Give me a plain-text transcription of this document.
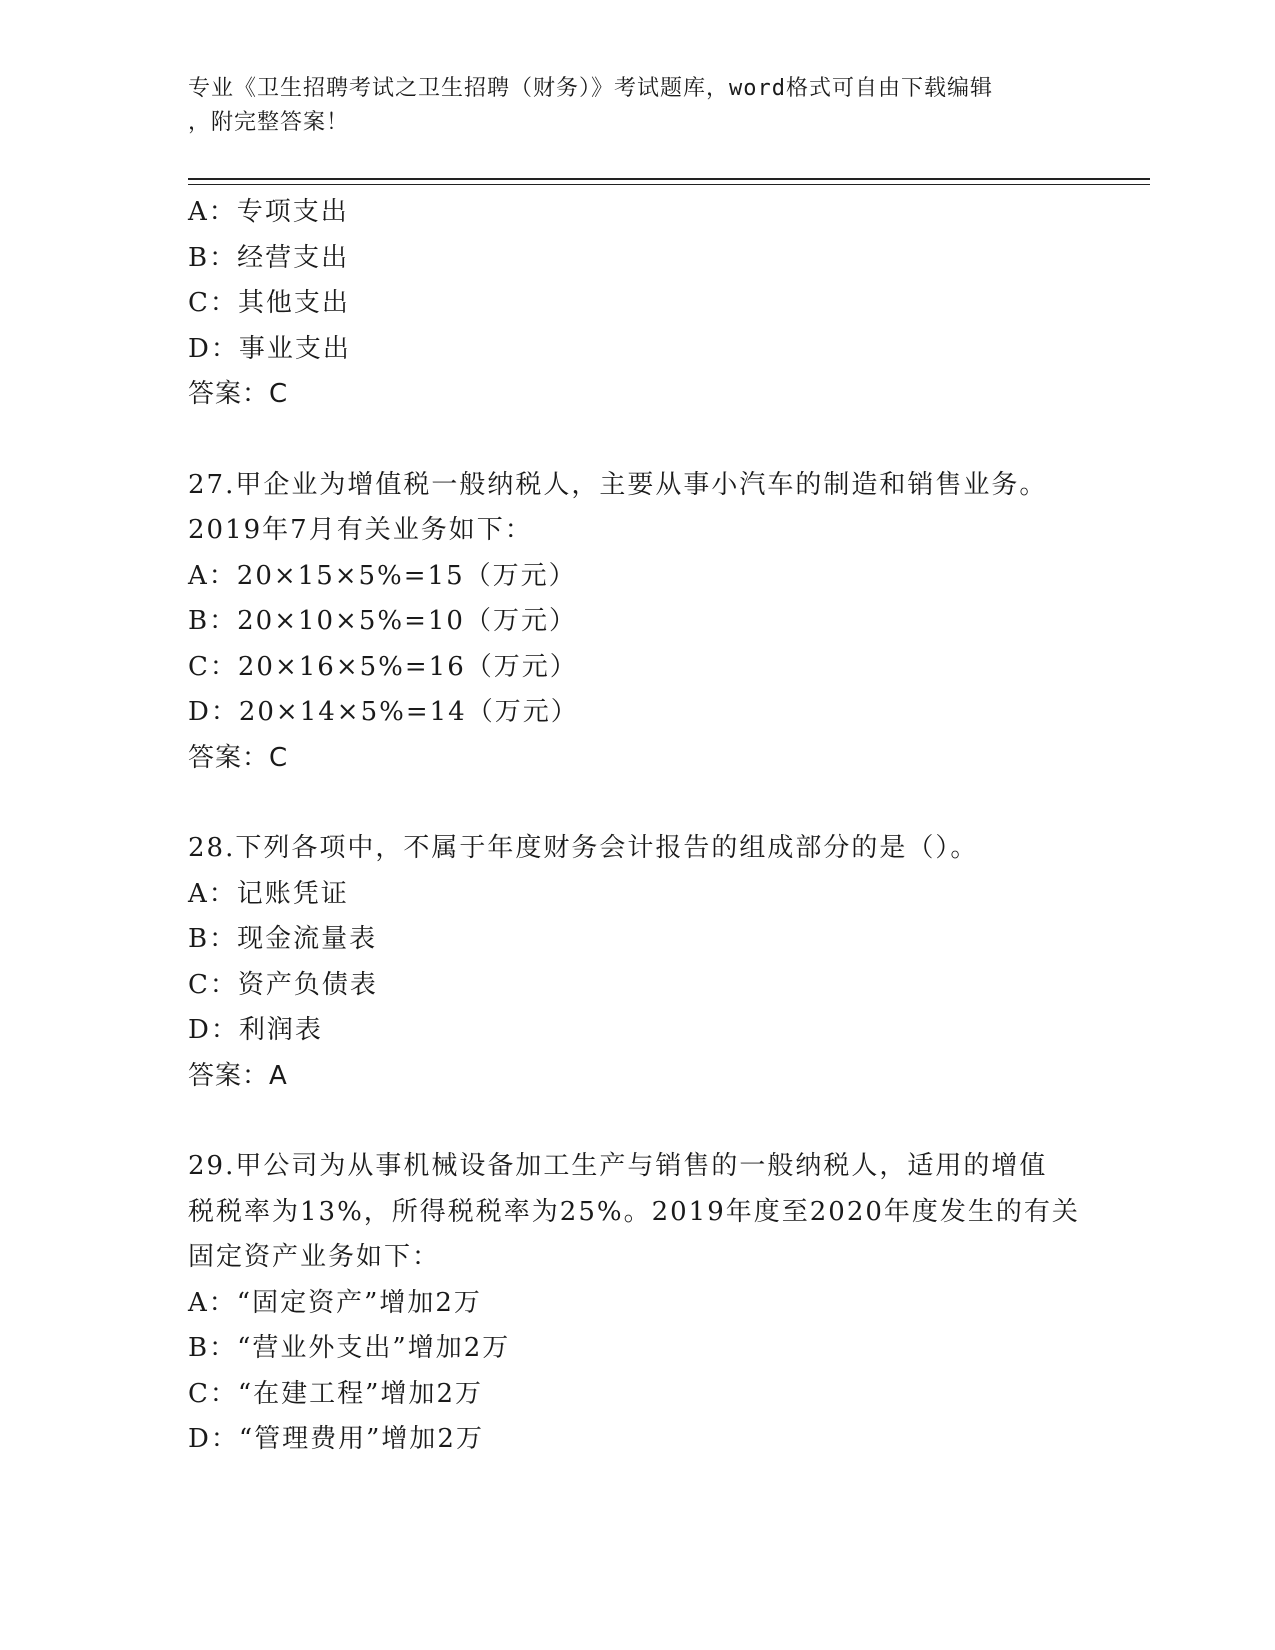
专业《卫生招聘考试之卫生招聘（财务）》考试题库，word格式可自由下载编辑
，附完整答案！
A：专项支出
B：经营支出
C：其他支出
D：事业支出
答案：C
27.甲企业为增值税一般纳税人，主要从事小汽车的制造和销售业务。
2019年7月有关业务如下：
A：20×15×5%=15（万元）
B：20×10×5%=10（万元）
C：20×16×5%=16（万元）
D：20×14×5%=14（万元）
答案：C
28.下列各项中，不属于年度财务会计报告的组成部分的是（）。
A：记账凭证
B：现金流量表
C：资产负债表
D：利润表
答案：A
29.甲公司为从事机械设备加工生产与销售的一般纳税人，适用的增值
税税率为13%，所得税税率为25%。2019年度至2020年度发生的有关
固定资产业务如下：
A：“固定资产”增加2万
B：“营业外支出”增加2万
C：“在建工程”增加2万
D：“管理费用”增加2万
